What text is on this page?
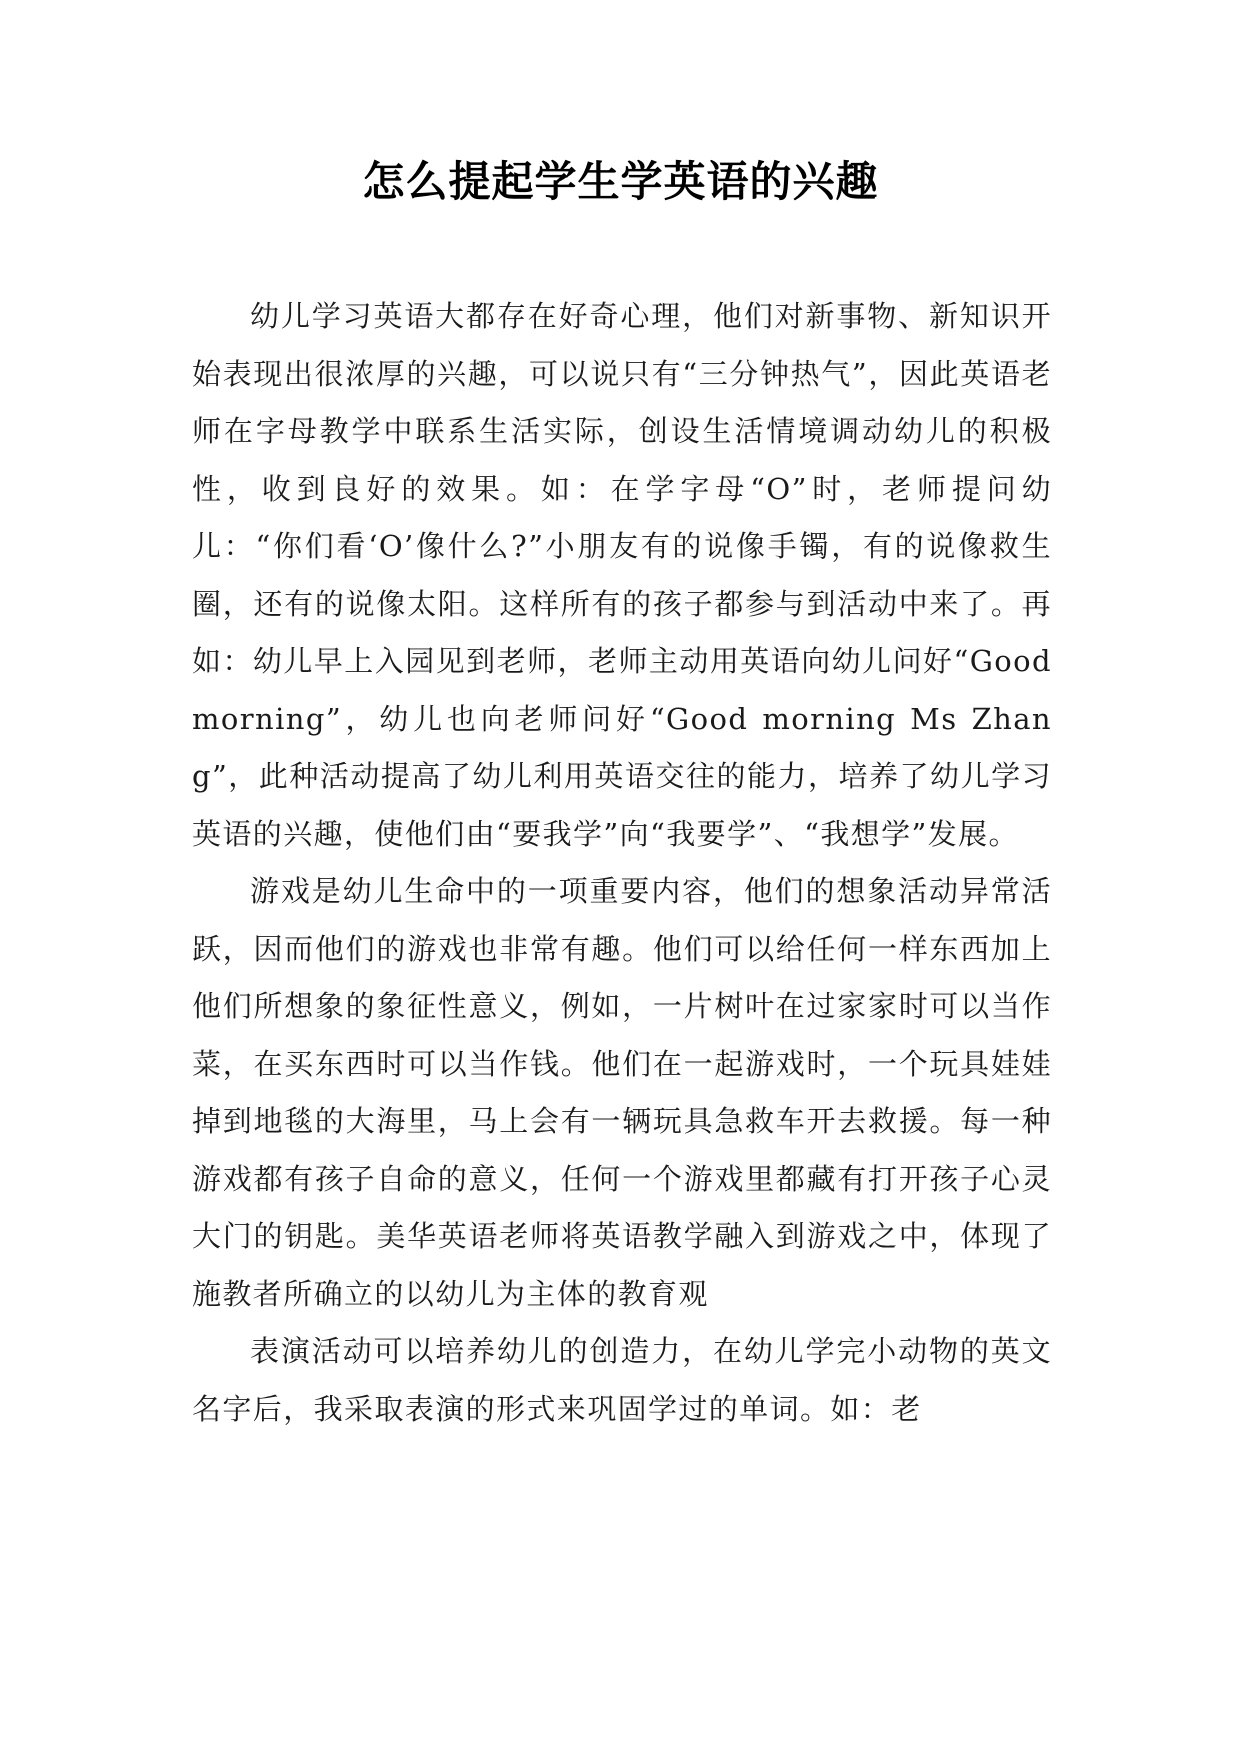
怎么提起学生学英语的兴趣

幼儿学习英语大都存在好奇心理，他们对新事物、新知识开始表现出很浓厚的兴趣，可以说只有“三分钟热气”，因此英语老师在字母教学中联系生活实际，创设生活情境调动幼儿的积极性，收到良好的效果。如：在学字母“O”时，老师提问幼儿：“你们看‘O’像什么?”小朋友有的说像手镯，有的说像救生圈，还有的说像太阳。这样所有的孩子都参与到活动中来了。再如：幼儿早上入园见到老师，老师主动用英语向幼儿问好“Good morning”，幼儿也向老师问好“Good morning Ms Zhang”，此种活动提高了幼儿利用英语交往的能力，培养了幼儿学习英语的兴趣，使他们由“要我学”向“我要学”、“我想学”发展。

游戏是幼儿生命中的一项重要内容，他们的想象活动异常活跃，因而他们的游戏也非常有趣。他们可以给任何一样东西加上他们所想象的象征性意义，例如，一片树叶在过家家时可以当作菜，在买东西时可以当作钱。他们在一起游戏时，一个玩具娃娃掉到地毯的大海里，马上会有一辆玩具急救车开去救援。每一种游戏都有孩子自命的意义，任何一个游戏里都藏有打开孩子心灵大门的钥匙。美华英语老师将英语教学融入到游戏之中，体现了施教者所确立的以幼儿为主体的教育观

表演活动可以培养幼儿的创造力，在幼儿学完小动物的英文名字后，我采取表演的形式来巩固学过的单词。如：老
